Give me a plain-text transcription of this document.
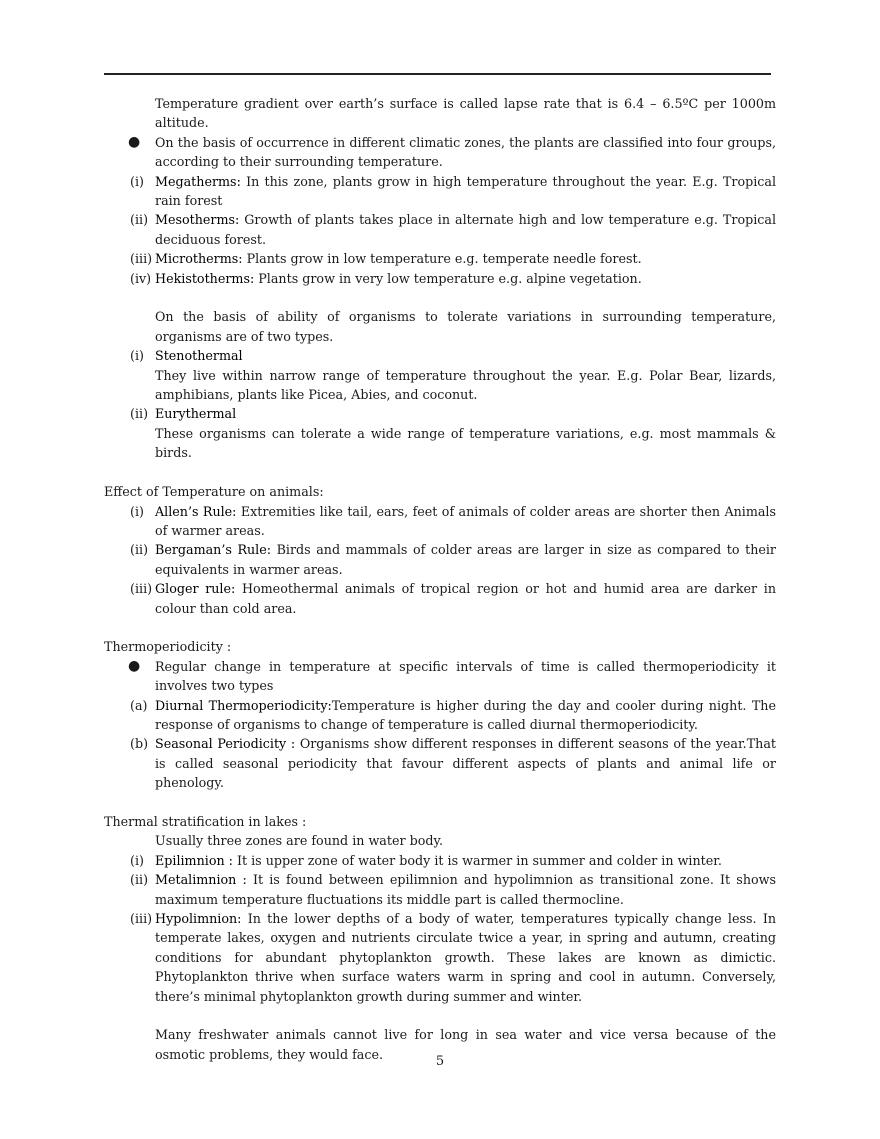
Temperature gradient over earth’s surface is called lapse rate that is 6.4 – 6.5ºC per 1000m altitude.
● On the basis of occurrence in different climatic zones, the plants are classified into four groups, according to their surrounding temperature.
(i) Megatherms: In this zone, plants grow in high temperature throughout the year. E.g. Tropical rain forest
(ii) Mesotherms: Growth of plants takes place in alternate high and low temperature e.g. Tropical deciduous forest.
(iii) Microtherms: Plants grow in low temperature e.g. temperate needle forest.
(iv) Hekistotherms: Plants grow in very low temperature e.g. alpine vegetation.
On the basis of ability of organisms to tolerate variations in surrounding temperature, organisms are of two types.
(i) Stenothermal
They live within narrow range of temperature throughout the year. E.g. Polar Bear, lizards, amphibians, plants like Picea, Abies, and coconut.
(ii) Eurythermal
These organisms can tolerate a wide range of temperature variations, e.g. most mammals & birds.
Effect of Temperature on animals:
(i) Allen’s Rule: Extremities like tail, ears, feet of animals of colder areas are shorter then Animals of warmer areas.
(ii) Bergaman’s Rule: Birds and mammals of colder areas are larger in size as compared to their equivalents in warmer areas.
(iii) Gloger rule: Homeothermal animals of tropical region or hot and humid area are darker in colour than cold area.
Thermoperiodicity :
● Regular change in temperature at specific intervals of time is called thermoperiodicity it involves two types
(a) Diurnal Thermoperiodicity:Temperature is higher during the day and cooler during night. The response of organisms to change of temperature is called diurnal thermoperiodicity.
(b) Seasonal Periodicity : Organisms show different responses in different seasons of the year.That is called seasonal periodicity that favour different aspects of plants and animal life or phenology.
Thermal stratification in lakes :
Usually three zones are found in water body.
(i) Epilimnion : It is upper zone of water body it is warmer in summer and colder in winter.
(ii) Metalimnion : It is found between epilimnion and hypolimnion as transitional zone. It shows maximum temperature fluctuations its middle part is called thermocline.
(iii) Hypolimnion: In the lower depths of a body of water, temperatures typically change less. In temperate lakes, oxygen and nutrients circulate twice a year, in spring and autumn, creating conditions for abundant phytoplankton growth. These lakes are known as dimictic. Phytoplankton thrive when surface waters warm in spring and cool in autumn. Conversely, there’s minimal phytoplankton growth during summer and winter.
Many freshwater animals cannot live for long in sea water and vice versa because of the osmotic problems, they would face.	5
